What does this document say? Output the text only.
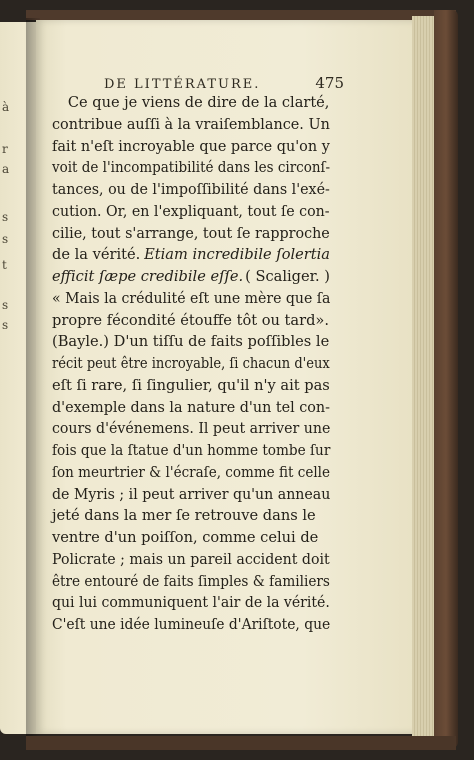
à
r
a
s
s
t
s
s
DE LITTÉRATURE.	475
Ce que je viens de dire de la clarté,
contribue auſſi à la vraiſemblance. Un
fait n'eſt incroyable que parce qu'on y
voit de l'incompatibilité dans les circonſ-
tances, ou de l'impoſſibilité dans l'exé-
cution. Or, en l'expliquant, tout ſe con-
cilie, tout s'arrange, tout ſe rapproche
de la vérité. Etiam incredibile ſolertia
efficit ſæpe credibile eſſe. ( Scaliger. )
« Mais la crédulité eſt une mère que ſa
propre fécondité étouffe tôt ou tard».
(Bayle.) D'un tiſſu de faits poſſibles le
récit peut être incroyable, ſi chacun d'eux
eſt ſi rare, ſi ſingulier, qu'il n'y ait pas
d'exemple dans la nature d'un tel con-
cours d'événemens. Il peut arriver une
fois que la ſtatue d'un homme tombe ſur
ſon meurtrier & l'écraſe, comme fit celle
de Myris ; il peut arriver qu'un anneau
jeté dans la mer ſe retrouve dans le
ventre d'un poiſſon, comme celui de
Policrate ; mais un pareil accident doit
être entouré de faits ſimples & familiers
qui lui communiquent l'air de la vérité.
C'eſt une idée lumineuſe d'Ariſtote, que
